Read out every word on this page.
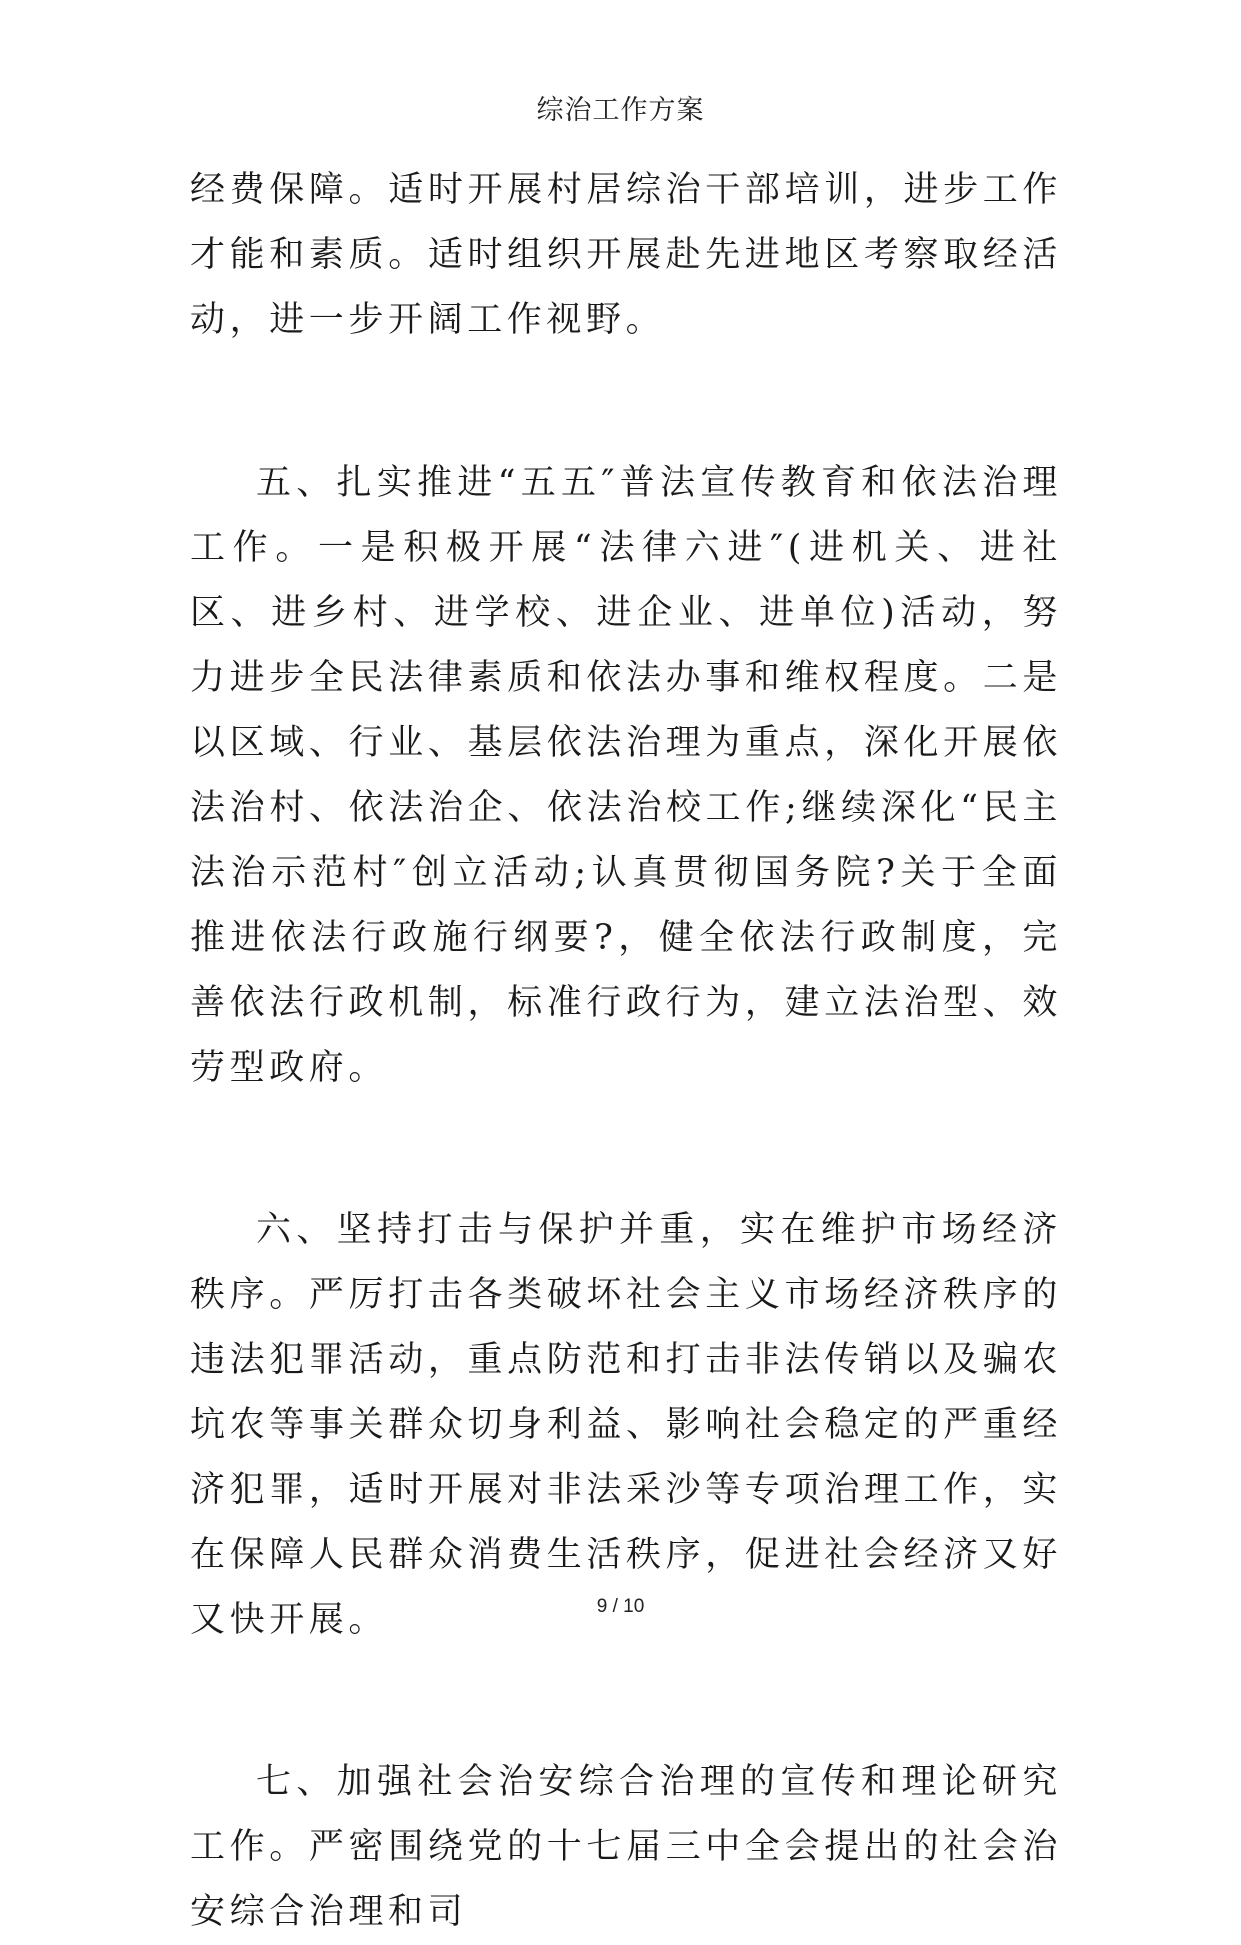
综治工作方案

经费保障。适时开展村居综治干部培训，进步工作才能和素质。适时组织开展赴先进地区考察取经活动，进一步开阔工作视野。

五、扎实推进“五五″普法宣传教育和依法治理工作。一是积极开展“法律六进″(进机关、进社区、进乡村、进学校、进企业、进单位)活动，努力进步全民法律素质和依法办事和维权程度。二是以区域、行业、基层依法治理为重点，深化开展依法治村、依法治企、依法治校工作;继续深化“民主法治示范村″创立活动;认真贯彻国务院?关于全面推进依法行政施行纲要?，健全依法行政制度，完善依法行政机制，标准行政行为，建立法治型、效劳型政府。

六、坚持打击与保护并重，实在维护市场经济秩序。严厉打击各类破坏社会主义市场经济秩序的违法犯罪活动，重点防范和打击非法传销以及骗农坑农等事关群众切身利益、影响社会稳定的严重经济犯罪，适时开展对非法采沙等专项治理工作，实在保障人民群众消费生活秩序，促进社会经济又好又快开展。

七、加强社会治安综合治理的宣传和理论研究工作。严密围绕党的十七届三中全会提出的社会治安综合治理和司

9 / 10
